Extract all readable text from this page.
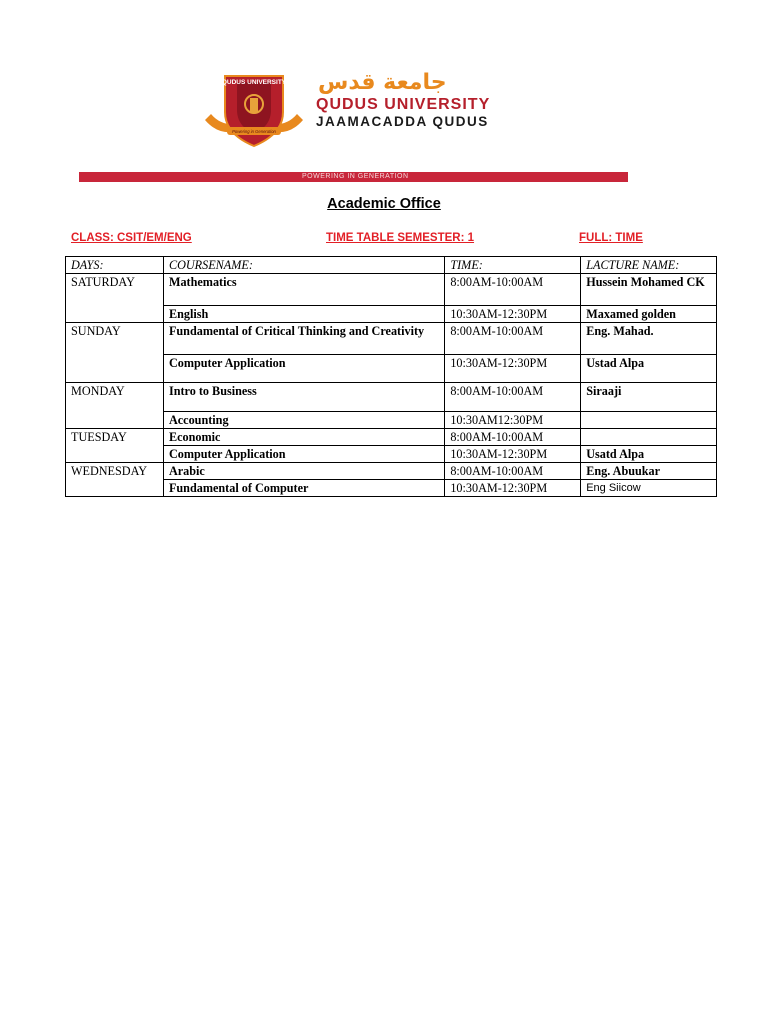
QUDUS UNIVERSITY
Powering in Generation
جامعة قدس
QUDUS UNIVERSITY
JAAMACADDA QUDUS
POWERING IN GENERATION
Academic Office
CLASS: CSIT/EM/ENG	TIME TABLE SEMESTER: 1	FULL: TIME
DAYS:	COURSENAME:	TIME:	LACTURE NAME:
SATURDAY	Mathematics	8:00AM-10:00AM	Hussein Mohamed CK
	English	10:30AM-12:30PM	Maxamed golden
SUNDAY	Fundamental of Critical Thinking and Creativity	8:00AM-10:00AM	Eng. Mahad.
	Computer Application	10:30AM-12:30PM	Ustad Alpa
MONDAY	Intro to Business	8:00AM-10:00AM	Siraaji
	Accounting	10:30AM12:30PM	
TUESDAY	Economic	8:00AM-10:00AM	
	Computer Application	10:30AM-12:30PM	Usatd Alpa
WEDNESDAY	Arabic	8:00AM-10:00AM	Eng. Abuukar
	Fundamental of Computer	10:30AM-12:30PM	Eng Siicow
